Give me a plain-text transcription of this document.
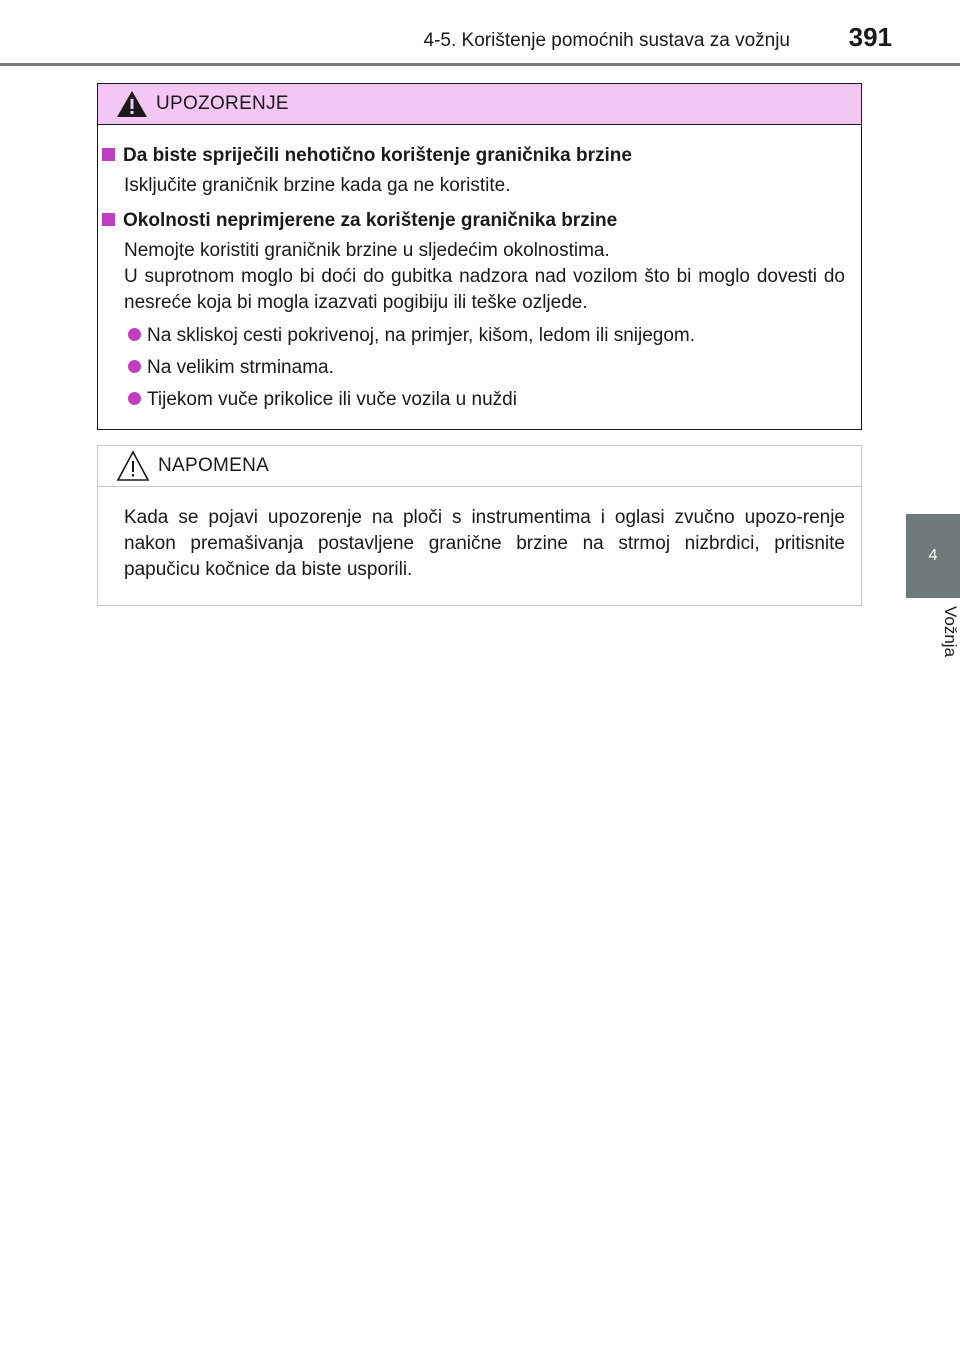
4-5. Korištenje pomoćnih sustava za vožnju	391
4
Vožnja
UPOZORENJE
Da biste spriječili nehotično korištenje graničnika brzine
Isključite graničnik brzine kada ga ne koristite.
Okolnosti neprimjerene za korištenje graničnika brzine
Nemojte koristiti graničnik brzine u sljedećim okolnostima.
U suprotnom moglo bi doći do gubitka nadzora nad vozilom što bi moglo dovesti do nesreće koja bi mogla izazvati pogibiju ili teške ozljede.
Na skliskoj cesti pokrivenoj, na primjer, kišom, ledom ili snijegom.
Na velikim strminama.
Tijekom vuče prikolice ili vuče vozila u nuždi
NAPOMENA
Kada se pojavi upozorenje na ploči s instrumentima i oglasi zvučno upozo-renje nakon premašivanja postavljene granične brzine na strmoj nizbrdici, pritisnite papučicu kočnice da biste usporili.
